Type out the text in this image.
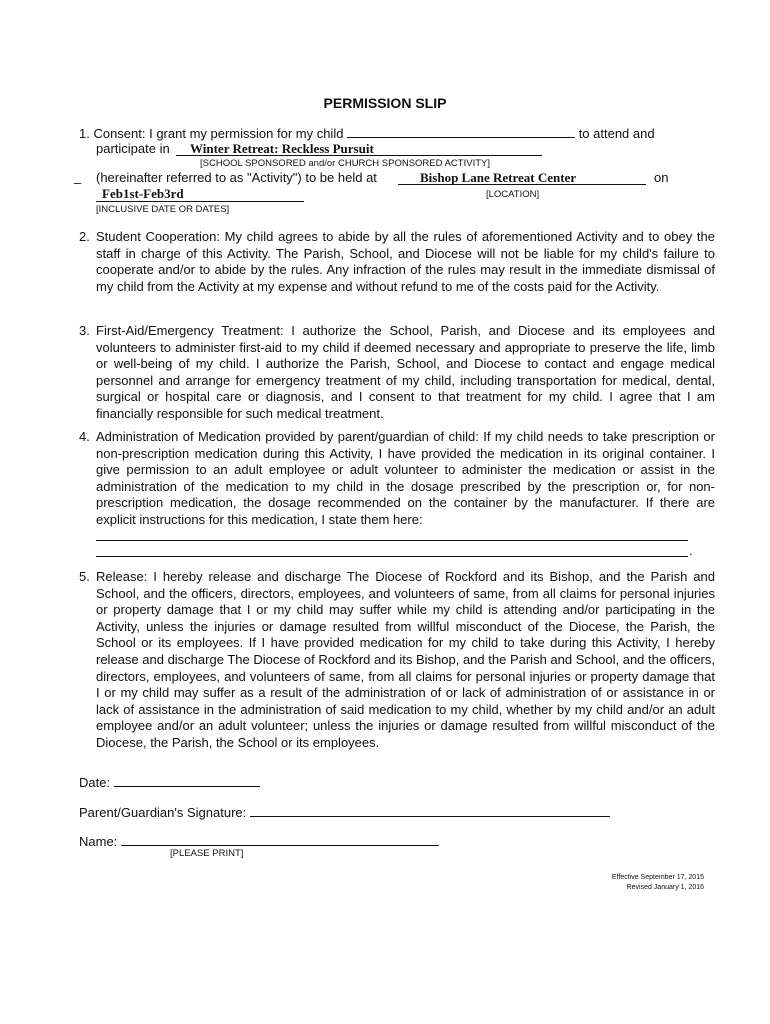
PERMISSION SLIP
1. Consent: I grant my permission for my child	to attend and
participate in Winter Retreat: Reckless Pursuit
[SCHOOL SPONSORED and/or CHURCH SPONSORED ACTIVITY]
(hereinafter referred to as "Activity") to be held at	Bishop Lane Retreat Center	on
–
Feb1st-Feb3rd	[LOCATION]
[INCLUSIVE DATE OR DATES]
2. Student Cooperation: My child agrees to abide by all the rules of aforementioned Activity and to obey the staff in charge of this Activity. The Parish, School, and Diocese will not be liable for my child's failure to cooperate and/or to abide by the rules. Any infraction of the rules may result in the immediate dismissal of my child from the Activity at my expense and without refund to me of the costs paid for the Activity.
3. First-Aid/Emergency Treatment: I authorize the School, Parish, and Diocese and its employees and volunteers to administer first-aid to my child if deemed necessary and appropriate to preserve the life, limb or well-being of my child. I authorize the Parish, School, and Diocese to contact and engage medical personnel and arrange for emergency treatment of my child, including transportation for medical, dental, surgical or hospital care or diagnosis, and I consent to that treatment for my child. I agree that I am financially responsible for such medical treatment.
4. Administration of Medication provided by parent/guardian of child: If my child needs to take prescription or non-prescription medication during this Activity, I have provided the medication in its original container. I give permission to an adult employee or adult volunteer to administer the medication or assist in the administration of the medication to my child in the dosage prescribed by the prescription or, for non-prescription medication, the dosage recommended on the container by the manufacturer. If there are explicit instructions for this medication, I state them here:
.
5. Release: I hereby release and discharge The Diocese of Rockford and its Bishop, and the Parish and School, and the officers, directors, employees, and volunteers of same, from all claims for personal injuries or property damage that I or my child may suffer while my child is attending and/or participating in the Activity, unless the injuries or damage resulted from willful misconduct of the Diocese, the Parish, the School or its employees. If I have provided medication for my child to take during this Activity, I hereby release and discharge The Diocese of Rockford and its Bishop, and the Parish and School, and the officers, directors, employees, and volunteers of same, from all claims for personal injuries or property damage that I or my child may suffer as a result of the administration of or lack of administration of or assistance in or lack of assistance in the administration of said medication to my child, whether by my child and/or an adult employee and/or an adult volunteer; unless the injuries or damage resulted from willful misconduct of the Diocese, the Parish, the School or its employees.
Date:
Parent/Guardian's Signature:
Name:
[PLEASE PRINT]
Effective September 17, 2015
Revised January 1, 2016
